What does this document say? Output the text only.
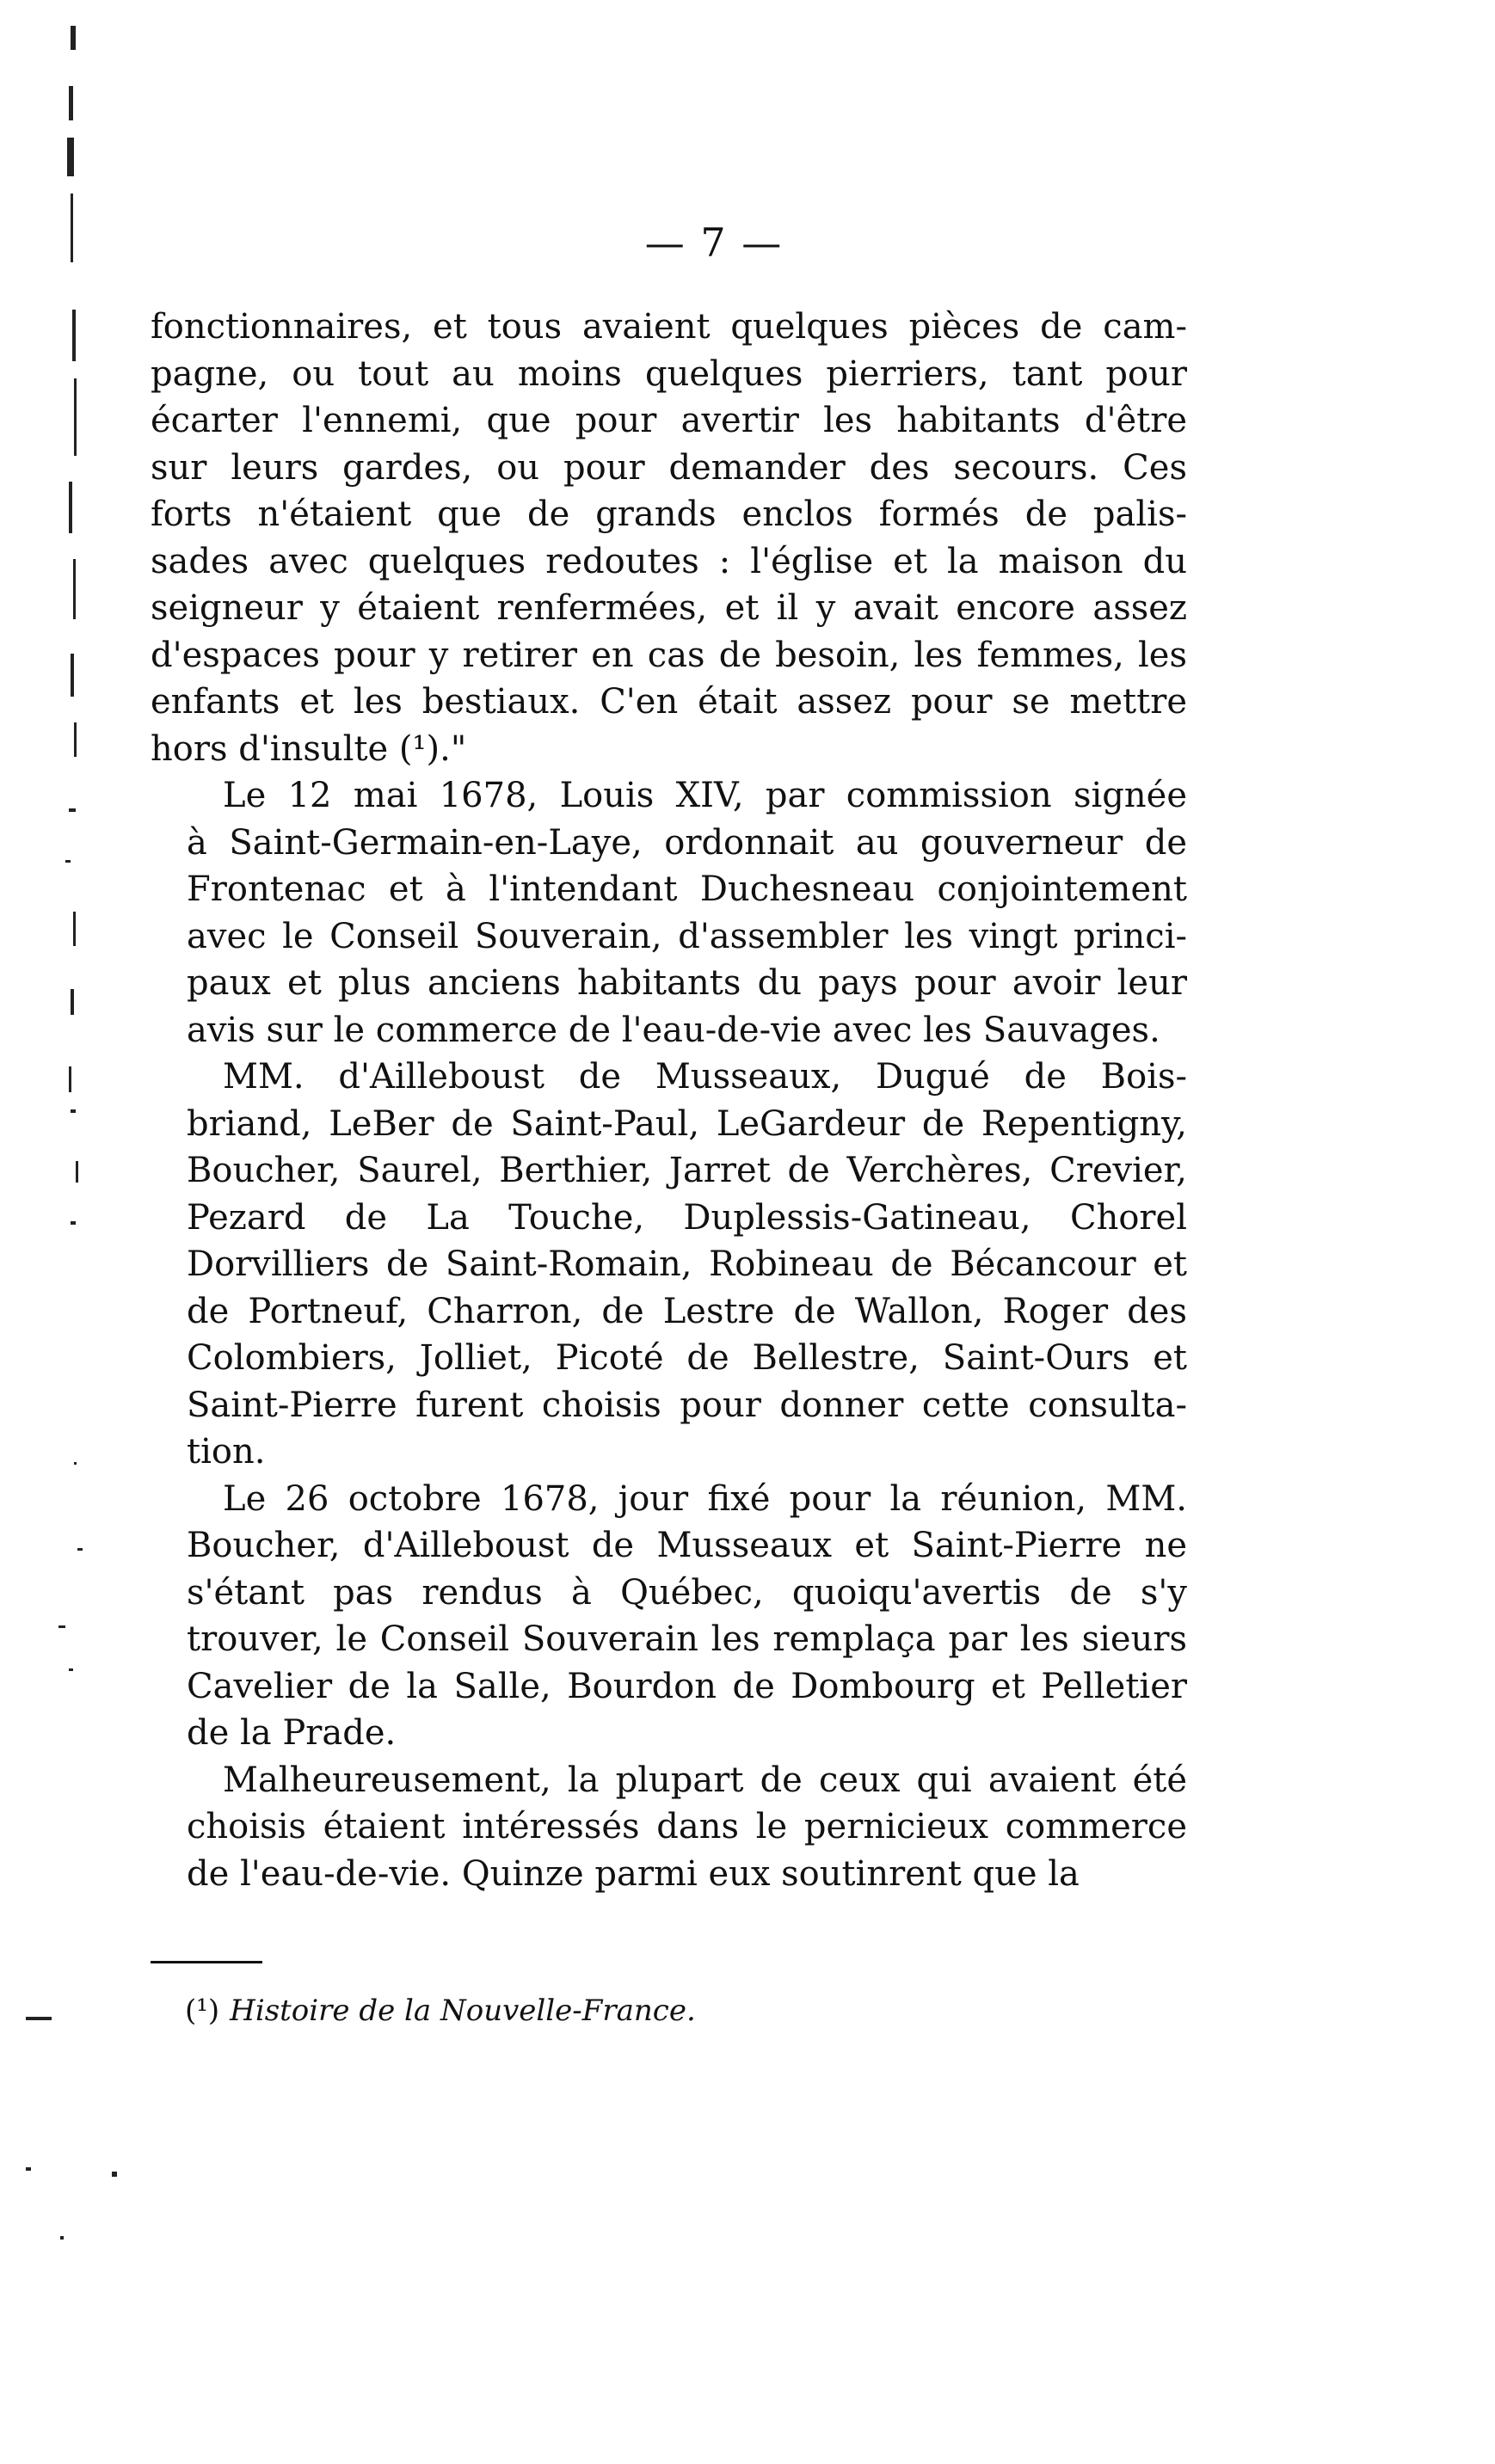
— 7 —

fonctionnaires, et tous avaient quelques pièces de cam-
pagne, ou tout au moins quelques pierriers, tant pour
écarter l'ennemi, que pour avertir les habitants d'être
sur leurs gardes, ou pour demander des secours. Ces
forts n'étaient que de grands enclos formés de palis-
sades avec quelques redoutes : l'église et la maison du
seigneur y étaient renfermées, et il y avait encore assez
d'espaces pour y retirer en cas de besoin, les femmes, les
enfants et les bestiaux. C'en était assez pour se mettre
hors d'insulte (¹)."

Le 12 mai 1678, Louis XIV, par commission signée
à Saint-Germain-en-Laye, ordonnait au gouverneur de
Frontenac et à l'intendant Duchesneau conjointement
avec le Conseil Souverain, d'assembler les vingt princi-
paux et plus anciens habitants du pays pour avoir leur
avis sur le commerce de l'eau-de-vie avec les Sauvages.

MM. d'Ailleboust de Musseaux, Dugué de Bois-
briand, LeBer de Saint-Paul, LeGardeur de Repentigny,
Boucher, Saurel, Berthier, Jarret de Verchères, Crevier,
Pezard de La Touche, Duplessis-Gatineau, Chorel
Dorvilliers de Saint-Romain, Robineau de Bécancour et
de Portneuf, Charron, de Lestre de Wallon, Roger des
Colombiers, Jolliet, Picoté de Bellestre, Saint-Ours et
Saint-Pierre furent choisis pour donner cette consulta-
tion.

Le 26 octobre 1678, jour fixé pour la réunion, MM.
Boucher, d'Ailleboust de Musseaux et Saint-Pierre ne
s'étant pas rendus à Québec, quoiqu'avertis de s'y
trouver, le Conseil Souverain les remplaça par les sieurs
Cavelier de la Salle, Bourdon de Dombourg et Pelletier
de la Prade.

Malheureusement, la plupart de ceux qui avaient été
choisis étaient intéressés dans le pernicieux commerce
de l'eau-de-vie. Quinze parmi eux soutinrent que la

(¹) Histoire de la Nouvelle-France.
